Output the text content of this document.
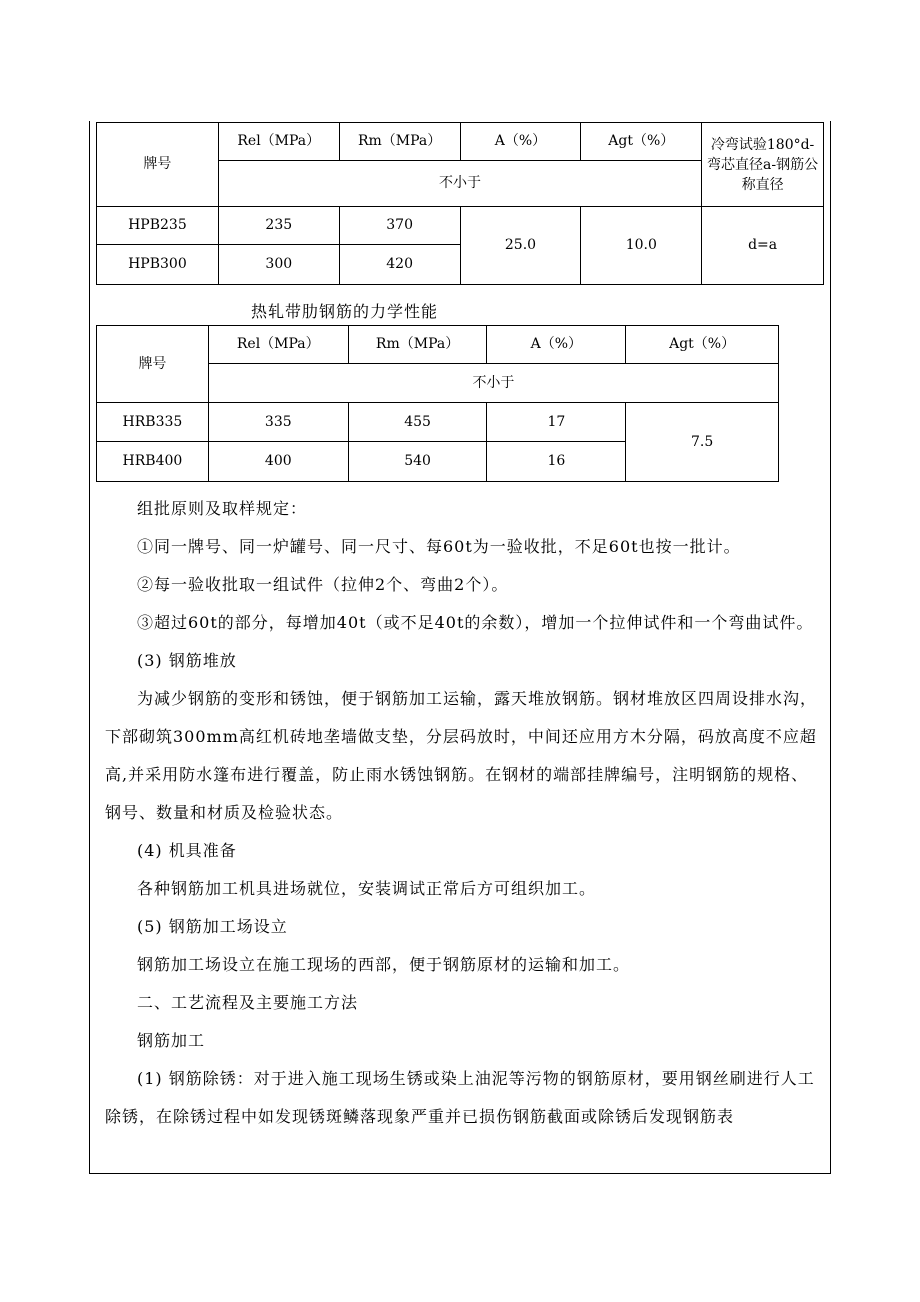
牌号	Rel（MPa）	Rm（MPa）	A（%）	Agt（%）	冷弯试验180°d-弯芯直径a-钢筋公称直径
	不小于				
HPB235	235	370	25.0	10.0	d=a
HPB300	300	420			
热轧带肋钢筋的力学性能
牌号	Rel（MPa）	Rm（MPa）	A（%）	Agt（%）
	不小于			
HRB335	335	455	17	7.5
HRB400	400	540	16	

组批原则及取样规定：

①同一牌号、同一炉罐号、同一尺寸、每60t为一验收批，不足60t也按一批计。

②每一验收批取一组试件（拉伸2个、弯曲2个）。

③超过60t的部分，每增加40t（或不足40t的余数），增加一个拉伸试件和一个弯曲试件。

(3) 钢筋堆放

为减少钢筋的变形和锈蚀，便于钢筋加工运输，露天堆放钢筋。钢材堆放区四周设排水沟，下部砌筑300mm高红机砖地垄墙做支垫，分层码放时，中间还应用方木分隔，码放高度不应超高,并采用防水篷布进行覆盖，防止雨水锈蚀钢筋。在钢材的端部挂牌编号，注明钢筋的规格、钢号、数量和材质及检验状态。

(4) 机具准备

各种钢筋加工机具进场就位，安装调试正常后方可组织加工。

(5) 钢筋加工场设立

钢筋加工场设立在施工现场的西部，便于钢筋原材的运输和加工。

二、工艺流程及主要施工方法

钢筋加工

(1) 钢筋除锈：对于进入施工现场生锈或染上油泥等污物的钢筋原材，要用钢丝刷进行人工除锈，在除锈过程中如发现锈斑鳞落现象严重并已损伤钢筋截面或除锈后发现钢筋表
